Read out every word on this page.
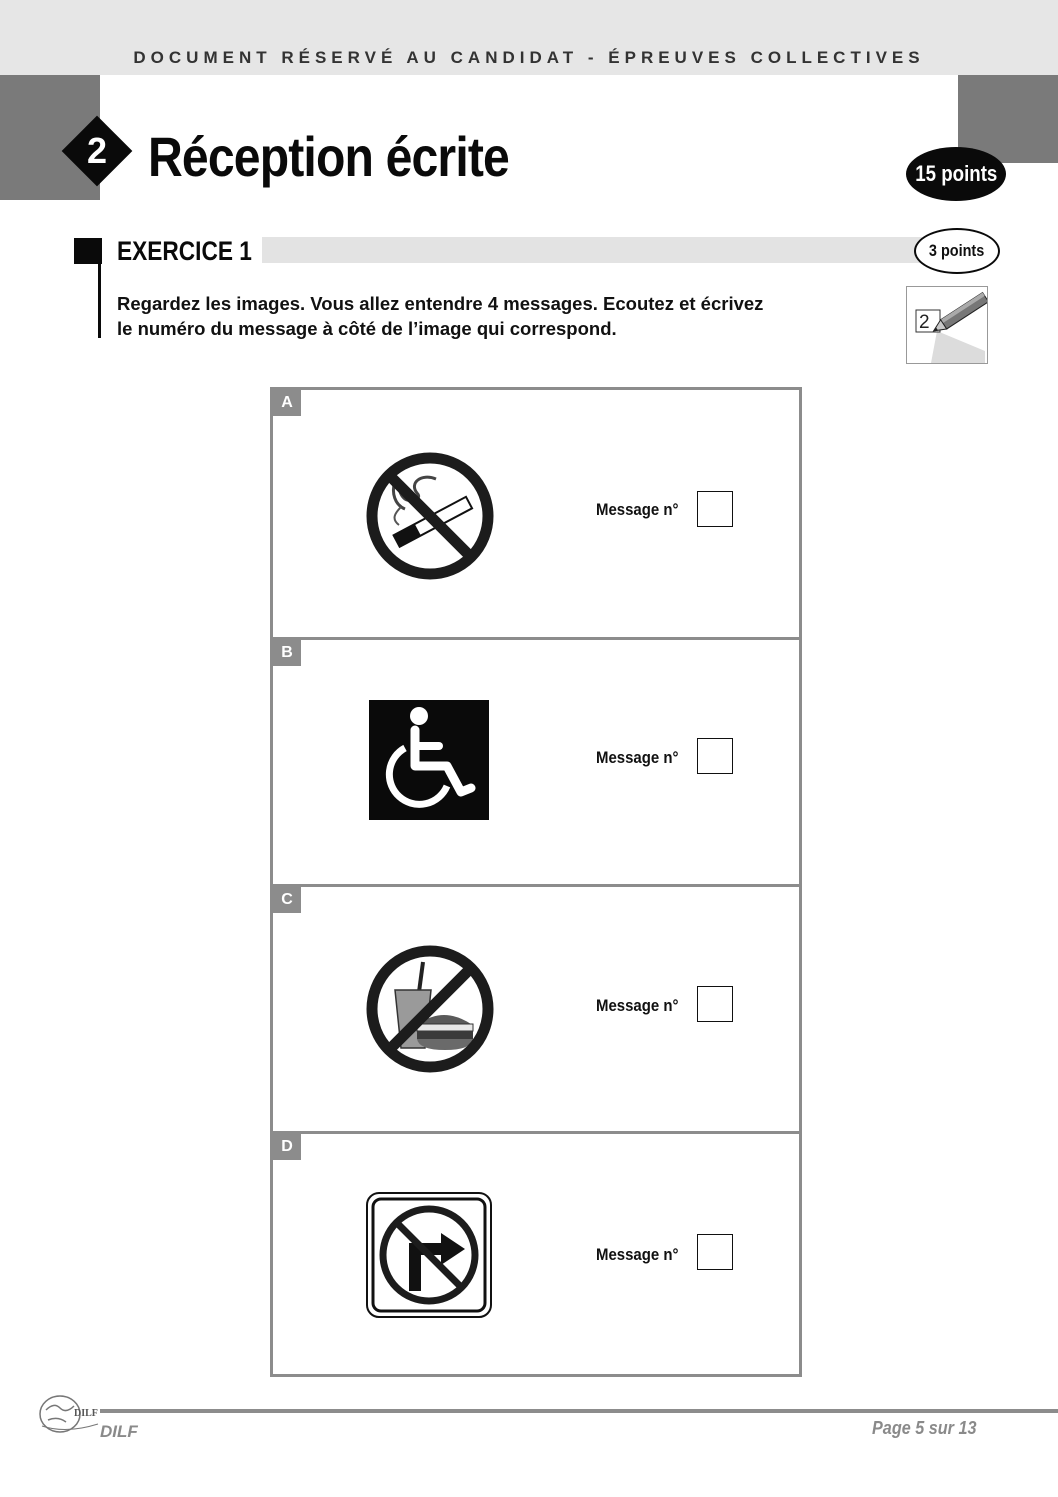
DOCUMENT RÉSERVÉ AU CANDIDAT - ÉPREUVES COLLECTIVES
2 Réception écrite	15 points
EXERCICE 1	3 points
Regardez les images. Vous allez entendre 4 messages. Ecoutez et écrivez
le numéro du message à côté de l’image qui correspond.	2
A
Message n°
B
Message n°
C
Message n°
D
Message n°
DILF
DILF	Page 5 sur 13
